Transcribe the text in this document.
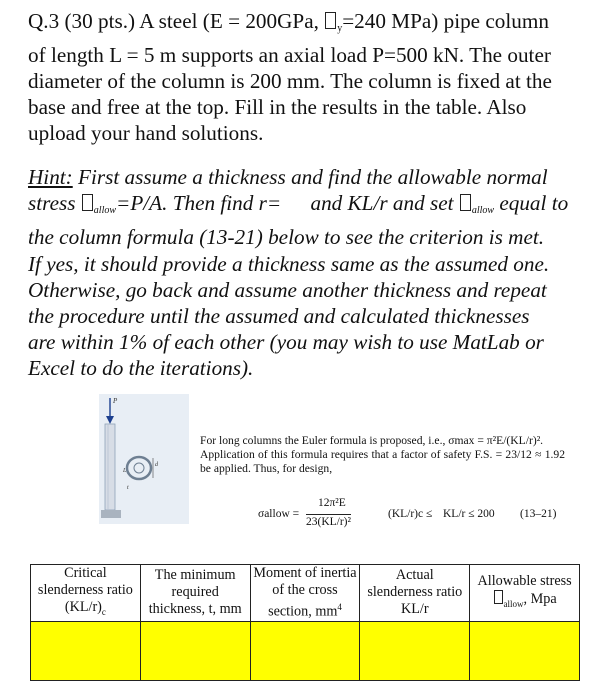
Q.3 (30 pts.) A steel (E = 200GPa, $_y$=240 MPa) pipe column
of length L = 5 m supports an axial load P=500 kN. The outer
diameter of the column is 200 mm. The column is fixed at the
base and free at the top. Fill in the results in the table. Also
upload your hand solutions.

Hint: First assume a thickness and find the allowable normal
stress $_{allow}$=P/A. Then find r= and KL/r and set $_{allow}$ equal to
the column formula (13-21) below to see the criterion is met.
If yes, it should provide a thickness same as the assumed one.
Otherwise, go back and assume another thickness and repeat
the procedure until the assumed and calculated thicknesses
are within 1% of each other (you may wish to use MatLab or
Excel to do the iterations).

P
L
d
t

For long columns the Euler formula is proposed, i.e., σmax = π²E/(KL/r)².

Application of this formula requires that a factor of safety F.S. = 23/12 ≈ 1.92 be applied. Thus, for design,

σallow =
12π²E
23(KL/r)²
(KL/r)c ≤ KL/r ≤ 200 (13–21)
Critical
slenderness ratio
$(KL/r)_c$	The minimum
required
thickness, t, mm	Moment of inertia
of the cross
section, $mm^4$	Actual
slenderness ratio
KL/r	Allowable stress
$_{allow}$, Mpa
